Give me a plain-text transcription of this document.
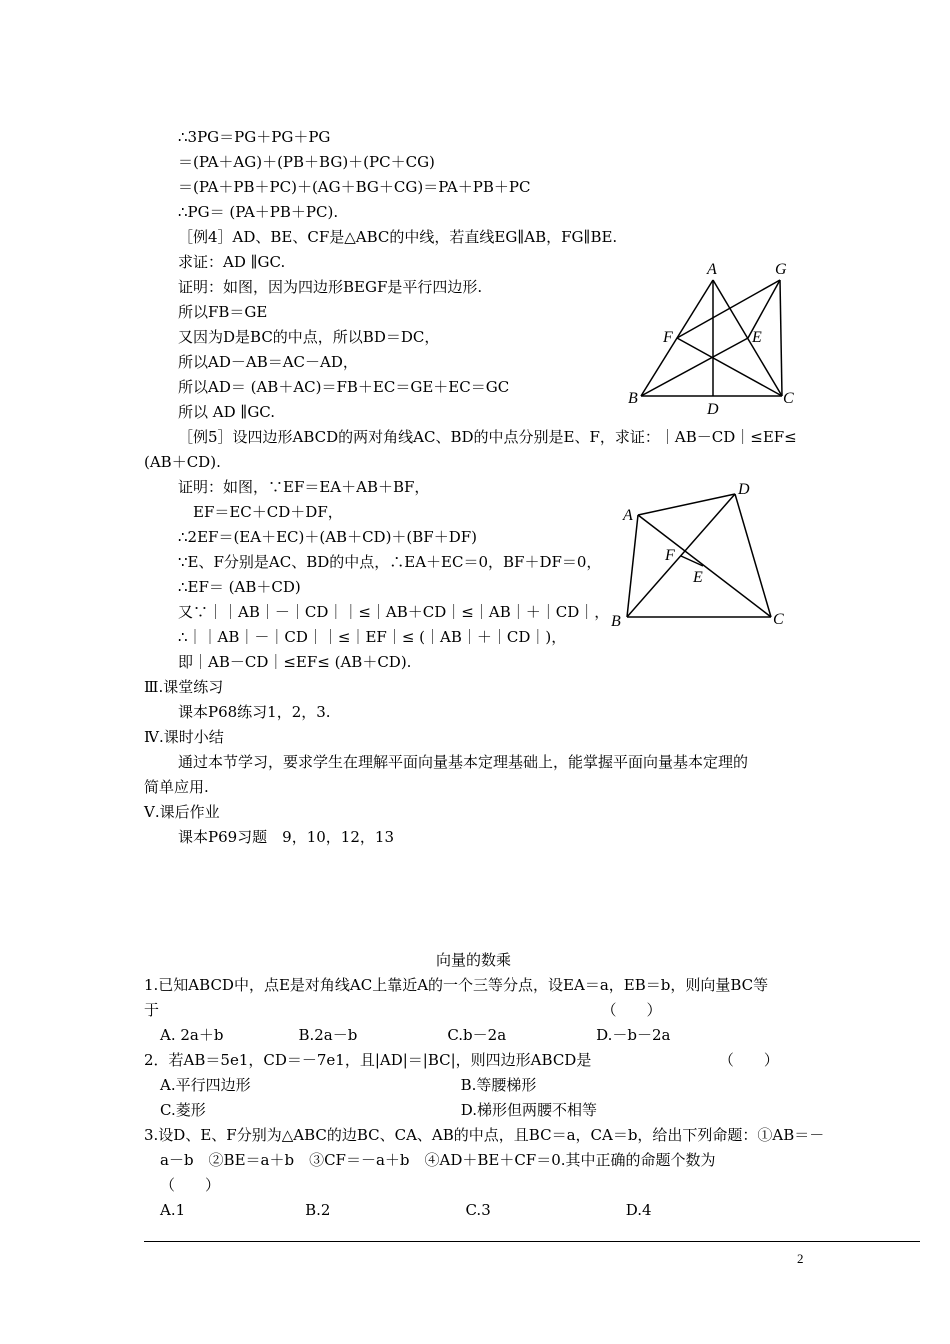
∴3PG＝PG＋PG＋PG
＝(PA＋AG)＋(PB＋BG)＋(PC＋CG)
＝(PA＋PB＋PC)＋(AG＋BG＋CG)＝PA＋PB＋PC
∴PG＝ (PA＋PB＋PC).
［例4］AD、BE、CF是△ABC的中线，若直线EG∥AB，FG∥BE.
求证：AD ∥GC.
证明：如图，因为四边形BEGF是平行四边形.
所以FB＝GE
又因为D是BC的中点，所以BD＝DC，
所以AD－AB＝AC－AD，
所以AD＝ (AB＋AC)＝FB＋EC＝GE＋EC＝GC
所以 AD ∥GC.
［例5］设四边形ABCD的两对角线AC、BD的中点分别是E、F，求证：｜AB－CD｜≤EF≤
(AB＋CD).
证明：如图，∵EF＝EA＋AB＋BF，
EF＝EC＋CD＋DF，
∴2EF＝(EA＋EC)＋(AB＋CD)＋(BF＋DF)
∵E、F分别是AC、BD的中点，∴EA＋EC＝0，BF＋DF＝0，
∴EF＝ (AB＋CD)
又∵｜｜AB｜－｜CD｜｜≤｜AB＋CD｜≤｜AB｜＋｜CD｜，
∴｜｜AB｜－｜CD｜｜≤｜EF｜≤ (｜AB｜＋｜CD｜)，
即｜AB－CD｜≤EF≤ (AB＋CD).
Ⅲ.课堂练习
课本P68练习1，2，3.
Ⅳ.课时小结
通过本节学习，要求学生在理解平面向量基本定理基础上，能掌握平面向量基本定理的
简单应用.
Ⅴ.课后作业
课本P69习题　9，10，12，13
向量的数乘
1.已知ABCD中，点E是对角线AC上靠近A的一个三等分点，设EA＝a，EB＝b，则向量BC等
于　　　　　　　　　　　　　　　　　　　　　　　　　　　　　　（　　）
A. 2a＋b　　　　　B.2a－b　　　　　　C.b－2a　　　　　　D.－b－2a
2．若AB＝5e1，CD＝－7e1，且|AD|＝|BC|，则四边形ABCD是　　　　　　　　　（　　）
A.平行四边形　　　　　　　　　　　　　　B.等腰梯形
C.菱形　　　　　　　　　　　　　　　　　D.梯形但两腰不相等
3.设D、E、F分别为△ABC的边BC、CA、AB的中点，且BC＝a，CA＝b，给出下列命题：①AB＝－
a－b　②BE＝a＋b　③CF＝－a＋b　④AD＋BE＋CF＝0.其中正确的命题个数为
（　　）
A.1　　　　　　　　B.2　　　　　　　　　C.3　　　　　　　　　D.4
A	G
F	E
B
D
C
A
D
F
E
B	C
2
